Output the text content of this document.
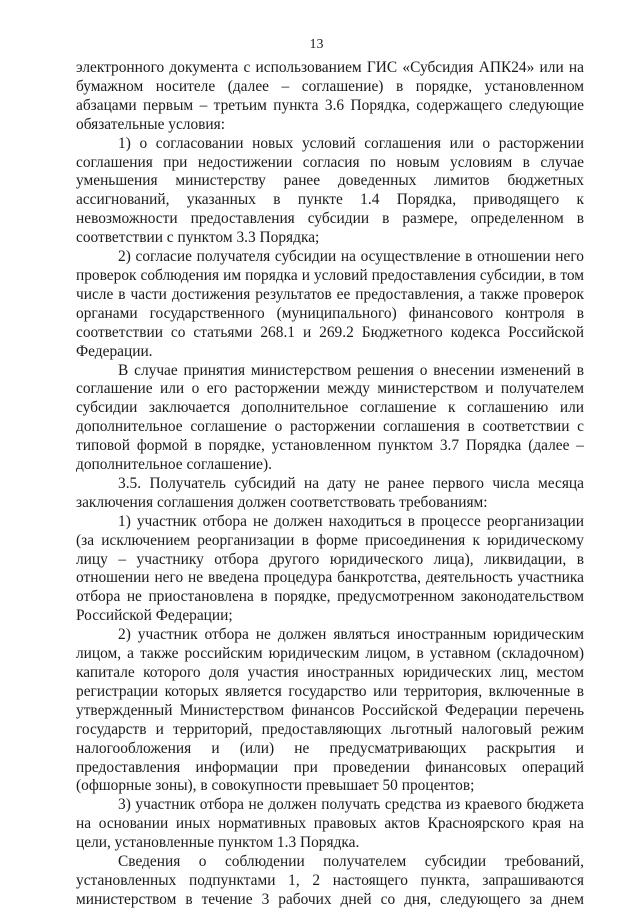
13

электронного документа с использованием ГИС «Субсидия АПК24» или на бумажном носителе (далее – соглашение) в порядке, установленном абзацами первым – третьим пункта 3.6 Порядка, содержащего следующие обязательные условия:

1) о согласовании новых условий соглашения или о расторжении соглашения при недостижении согласия по новым условиям в случае уменьшения министерству ранее доведенных лимитов бюджетных ассигнований, указанных в пункте 1.4 Порядка, приводящего к невозможности предоставления субсидии в размере, определенном в соответствии с пунктом 3.3 Порядка;

2) согласие получателя субсидии на осуществление в отношении него проверок соблюдения им порядка и условий предоставления субсидии, в том числе в части достижения результатов ее предоставления, а также проверок органами государственного (муниципального) финансового контроля в соответствии со статьями 268.1 и 269.2 Бюджетного кодекса Российской Федерации.

В случае принятия министерством решения о внесении изменений в соглашение или о его расторжении между министерством и получателем субсидии заключается дополнительное соглашение к соглашению или дополнительное соглашение о расторжении соглашения в соответствии с типовой формой в порядке, установленном пунктом 3.7 Порядка (далее – дополнительное соглашение).

3.5. Получатель субсидий на дату не ранее первого числа месяца заключения соглашения должен соответствовать требованиям:

1) участник отбора не должен находиться в процессе реорганизации (за исключением реорганизации в форме присоединения к юридическому лицу – участнику отбора другого юридического лица), ликвидации, в отношении него не введена процедура банкротства, деятельность участника отбора не приостановлена в порядке, предусмотренном законодательством Российской Федерации;

2) участник отбора не должен являться иностранным юридическим лицом, а также российским юридическим лицом, в уставном (складочном) капитале которого доля участия иностранных юридических лиц, местом регистрации которых является государство или территория, включенные в утвержденный Министерством финансов Российской Федерации перечень государств и территорий, предоставляющих льготный налоговый режим налогообложения и (или) не предусматривающих раскрытия и предоставления информации при проведении финансовых операций (офшорные зоны), в совокупности превышает 50 процентов;

3) участник отбора не должен получать средства из краевого бюджета на основании иных нормативных правовых актов Красноярского края на цели, установленные пунктом 1.3 Порядка.

Сведения о соблюдении получателем субсидии требований, установленных подпунктами 1, 2 настоящего пункта, запрашиваются министерством в течение 3 рабочих дней со дня, следующего за днем
